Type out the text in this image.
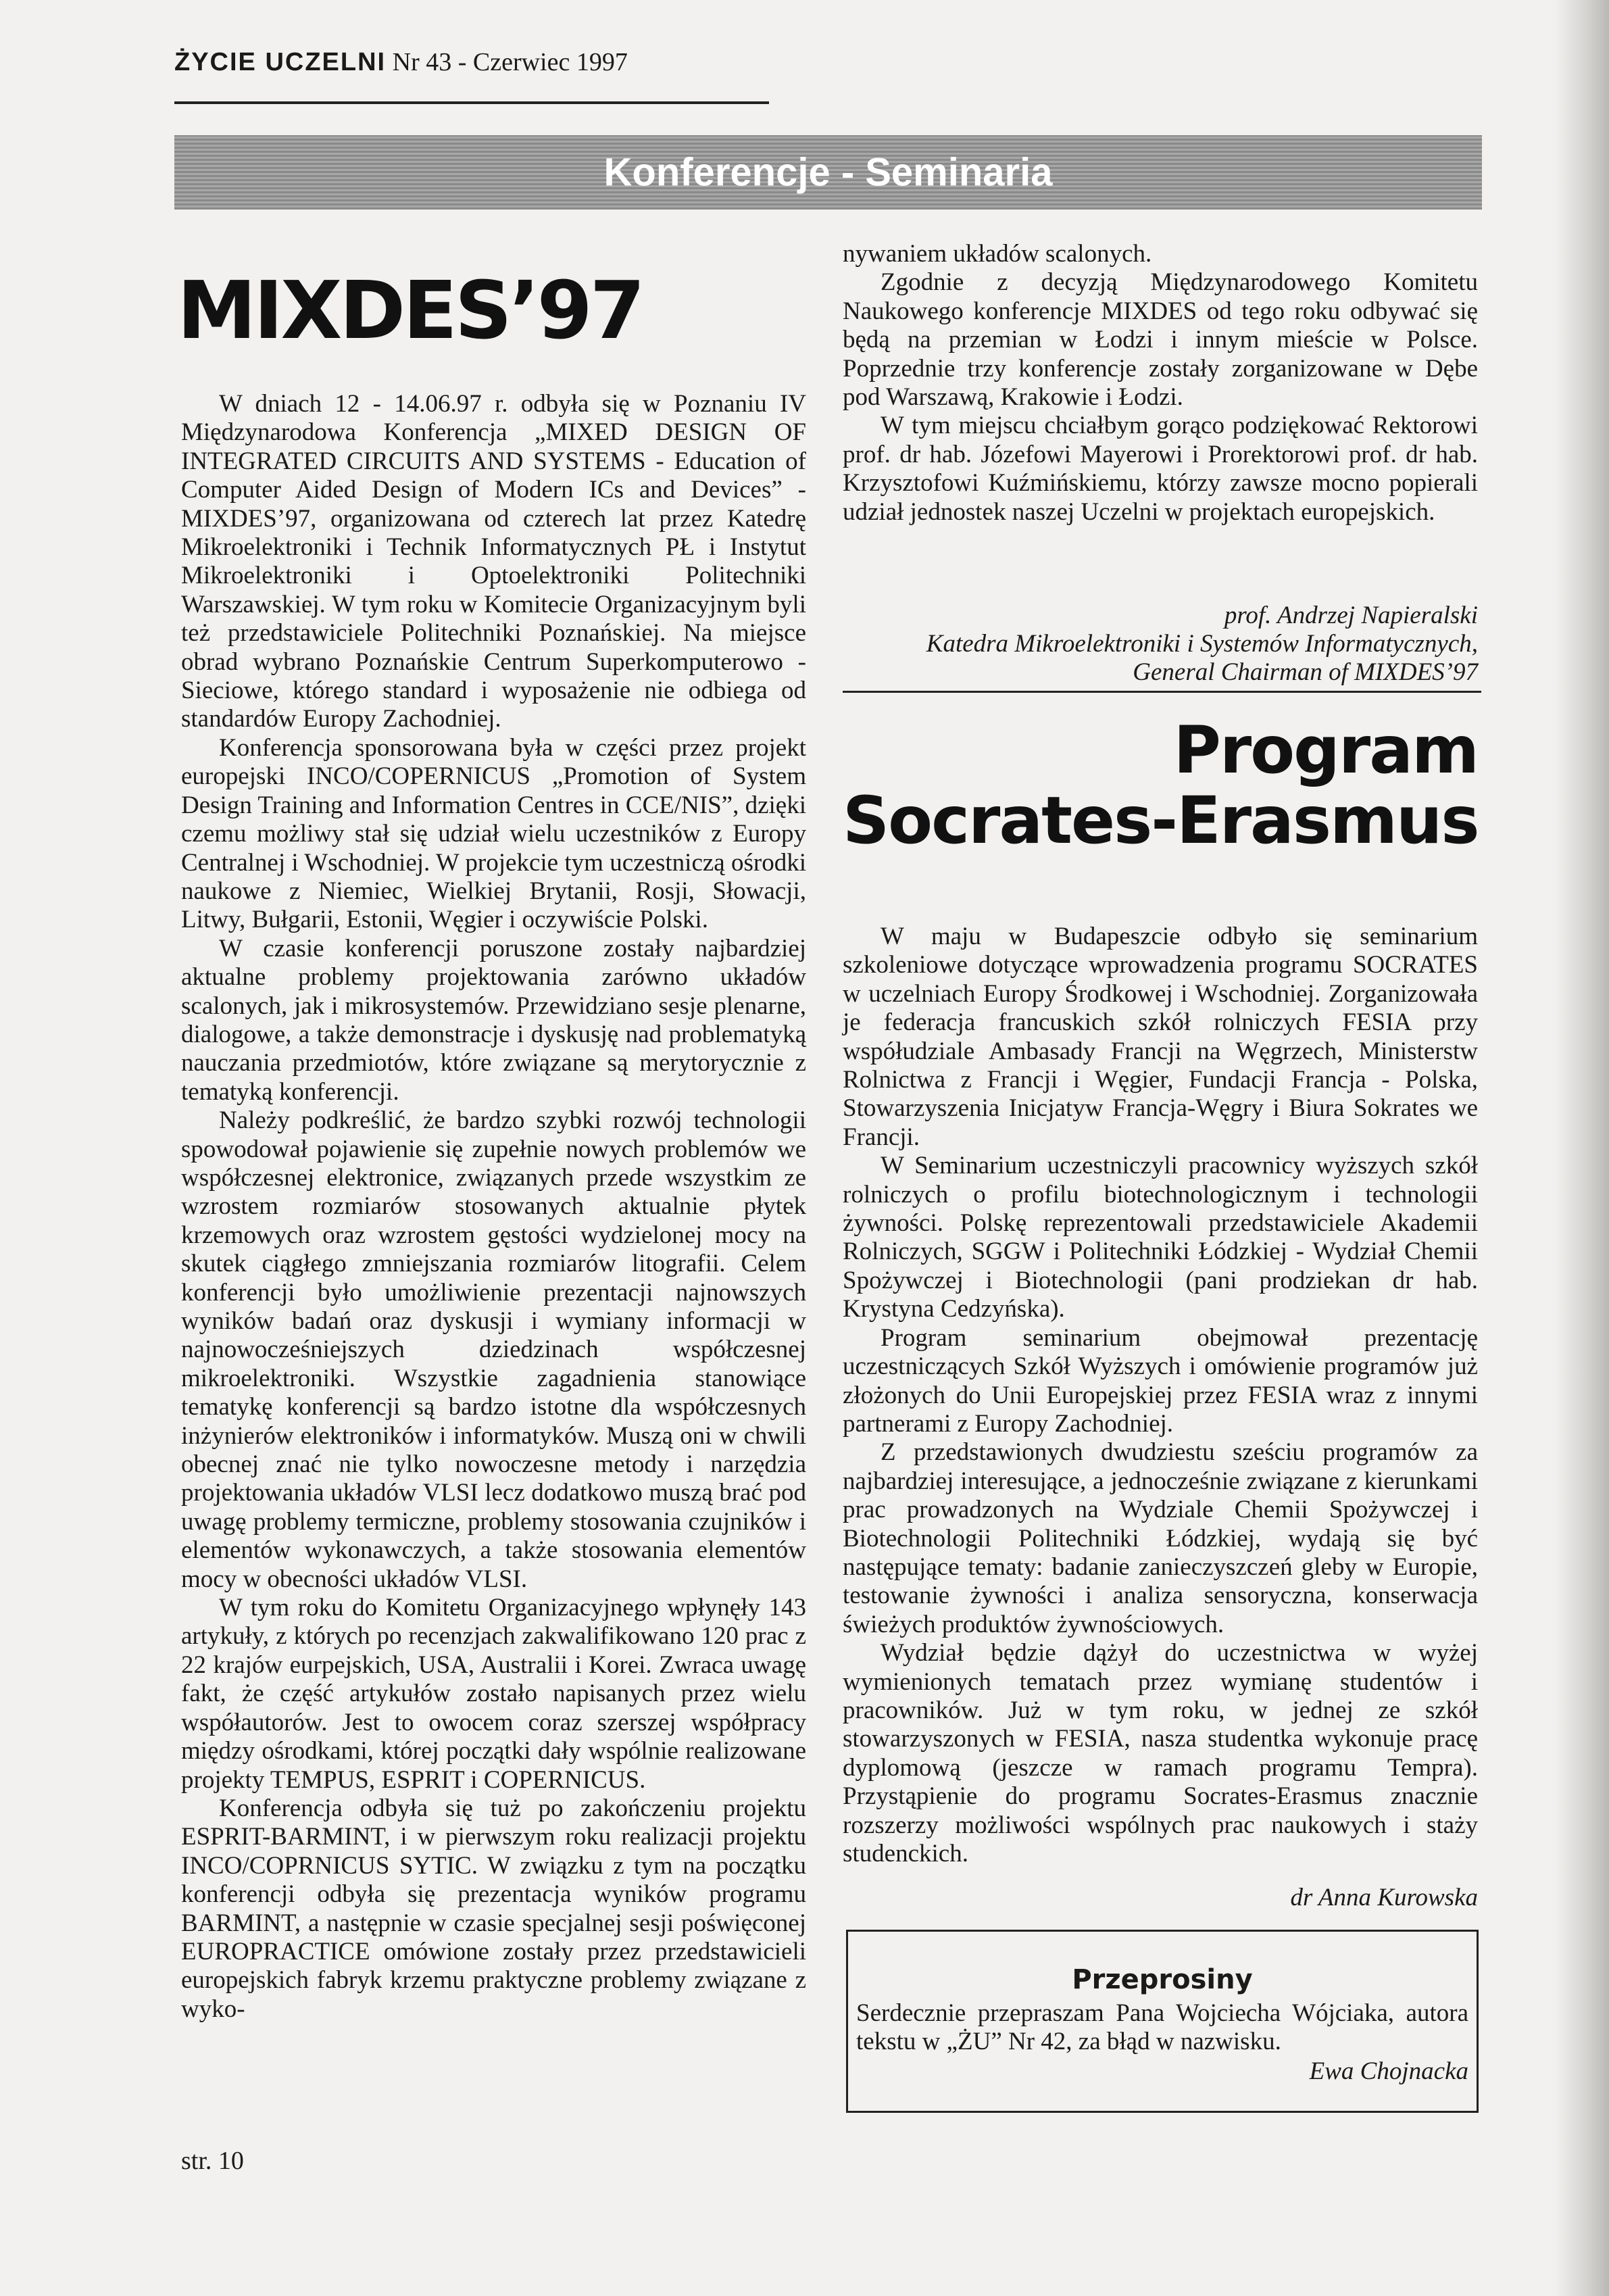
ŻYCIE UCZELNI Nr 43 - Czerwiec 1997
Konferencje - Seminaria
MIXDES’97

W dniach 12 - 14.06.97 r. odbyła się w Poznaniu IV Międzynarodowa Konferencja „MIXED DESIGN OF INTEGRATED CIRCUITS AND SYSTEMS - Education of Computer Aided Design of Modern ICs and Devices” - MIXDES’97, organizowana od czterech lat przez Katedrę Mikroelektroniki i Technik Informatycznych PŁ i Instytut Mikroelektroniki i Optoelektroniki Politechniki Warszawskiej. W tym roku w Komitecie Organizacyjnym byli też przedstawiciele Politechniki Poznańskiej. Na miejsce obrad wybrano Poznańskie Centrum Superkomputerowo - Sieciowe, którego standard i wyposażenie nie odbiega od standardów Europy Zachodniej.

Konferencja sponsorowana była w części przez projekt europejski INCO/COPERNICUS „Promotion of System Design Training and Information Centres in CCE/NIS”, dzięki czemu możliwy stał się udział wielu uczestników z Europy Centralnej i Wschodniej. W projekcie tym uczestniczą ośrodki naukowe z Niemiec, Wielkiej Brytanii, Rosji, Słowacji, Litwy, Bułgarii, Estonii, Węgier i oczywiście Polski.

W czasie konferencji poruszone zostały najbardziej aktualne problemy projektowania zarówno układów scalonych, jak i mikrosystemów. Przewidziano sesje plenarne, dialogowe, a także demonstracje i dyskusję nad problematyką nauczania przedmiotów, które związane są merytorycznie z tematyką konferencji.

Należy podkreślić, że bardzo szybki rozwój technologii spowodował pojawienie się zupełnie nowych problemów we współczesnej elektronice, związanych przede wszystkim ze wzrostem rozmiarów stosowanych aktualnie płytek krzemowych oraz wzrostem gęstości wydzielonej mocy na skutek ciągłego zmniejszania rozmiarów litografii. Celem konferencji było umożliwienie prezentacji najnowszych wyników badań oraz dyskusji i wymiany informacji w najnowocześniejszych dziedzinach współczesnej mikroelektroniki. Wszystkie zagadnienia stanowiące tematykę konferencji są bardzo istotne dla współczesnych inżynierów elektroników i informatyków. Muszą oni w chwili obecnej znać nie tylko nowoczesne metody i narzędzia projektowania układów VLSI lecz dodatkowo muszą brać pod uwagę problemy termiczne, problemy stosowania czujników i elementów wykonawczych, a także stosowania elementów mocy w obecności układów VLSI.

W tym roku do Komitetu Organizacyjnego wpłynęły 143 artykuły, z których po recenzjach zakwalifikowano 120 prac z 22 krajów eurpejskich, USA, Australii i Korei. Zwraca uwagę fakt, że część artykułów zostało napisanych przez wielu współautorów. Jest to owocem coraz szerszej współpracy między ośrodkami, której początki dały wspólnie realizowane projekty TEMPUS, ESPRIT i COPERNICUS.

Konferencja odbyła się tuż po zakończeniu projektu ESPRIT-BARMINT, i w pierwszym roku realizacji projektu INCO/COPRNICUS SYTIC. W związku z tym na początku konferencji odbyła się prezentacja wyników programu BARMINT, a następnie w czasie specjalnej sesji poświęconej EUROPRACTICE omówione zostały przez przedstawicieli europejskich fabryk krzemu praktyczne problemy związane z wyko-

nywaniem układów scalonych.

Zgodnie z decyzją Międzynarodowego Komitetu Naukowego konferencje MIXDES od tego roku odbywać się będą na przemian w Łodzi i innym mieście w Polsce. Poprzednie trzy konferencje zostały zorganizowane w Dębe pod Warszawą, Krakowie i Łodzi.

W tym miejscu chciałbym gorąco podziękować Rektorowi prof. dr hab. Józefowi Mayerowi i Prorektorowi prof. dr hab. Krzysztofowi Kuźmińskiemu, którzy zawsze mocno popierali udział jednostek naszej Uczelni w projektach europejskich.

prof. Andrzej Napieralski
Katedra Mikroelektroniki i Systemów Informatycznych,
General Chairman of MIXDES’97
Program
Socrates-Erasmus

W maju w Budapeszcie odbyło się seminarium szkoleniowe dotyczące wprowadzenia programu SOCRATES w uczelniach Europy Środkowej i Wschodniej. Zorganizowała je federacja francuskich szkół rolniczych FESIA przy współudziale Ambasady Francji na Węgrzech, Ministerstw Rolnictwa z Francji i Węgier, Fundacji Francja - Polska, Stowarzyszenia Inicjatyw Francja-Węgry i Biura Sokrates we Francji.

W Seminarium uczestniczyli pracownicy wyższych szkół rolniczych o profilu biotechnologicznym i technologii żywności. Polskę reprezentowali przedstawiciele Akademii Rolniczych, SGGW i Politechniki Łódzkiej - Wydział Chemii Spożywczej i Biotechnologii (pani prodziekan dr hab. Krystyna Cedzyńska).

Program seminarium obejmował prezentację uczestniczących Szkół Wyższych i omówienie programów już złożonych do Unii Europejskiej przez FESIA wraz z innymi partnerami z Europy Zachodniej.

Z przedstawionych dwudziestu sześciu programów za najbardziej interesujące, a jednocześnie związane z kierunkami prac prowadzonych na Wydziale Chemii Spożywczej i Biotechnologii Politechniki Łódzkiej, wydają się być następujące tematy: badanie zanieczyszczeń gleby w Europie, testowanie żywności i analiza sensoryczna, konserwacja świeżych produktów żywnościowych.

Wydział będzie dążył do uczestnictwa w wyżej wymienionych tematach przez wymianę studentów i pracowników. Już w tym roku, w jednej ze szkół stowarzyszonych w FESIA, nasza studentka wykonuje pracę dyplomową (jeszcze w ramach programu Tempra). Przystąpienie do programu Socrates-Erasmus znacznie rozszerzy możliwości wspólnych prac naukowych i staży studenckich.

dr Anna Kurowska
Przeprosiny
Serdecznie przepraszam Pana Wojciecha Wójciaka, autora tekstu w „ŻU” Nr 42, za błąd w nazwisku.
Ewa Chojnacka
str. 10
